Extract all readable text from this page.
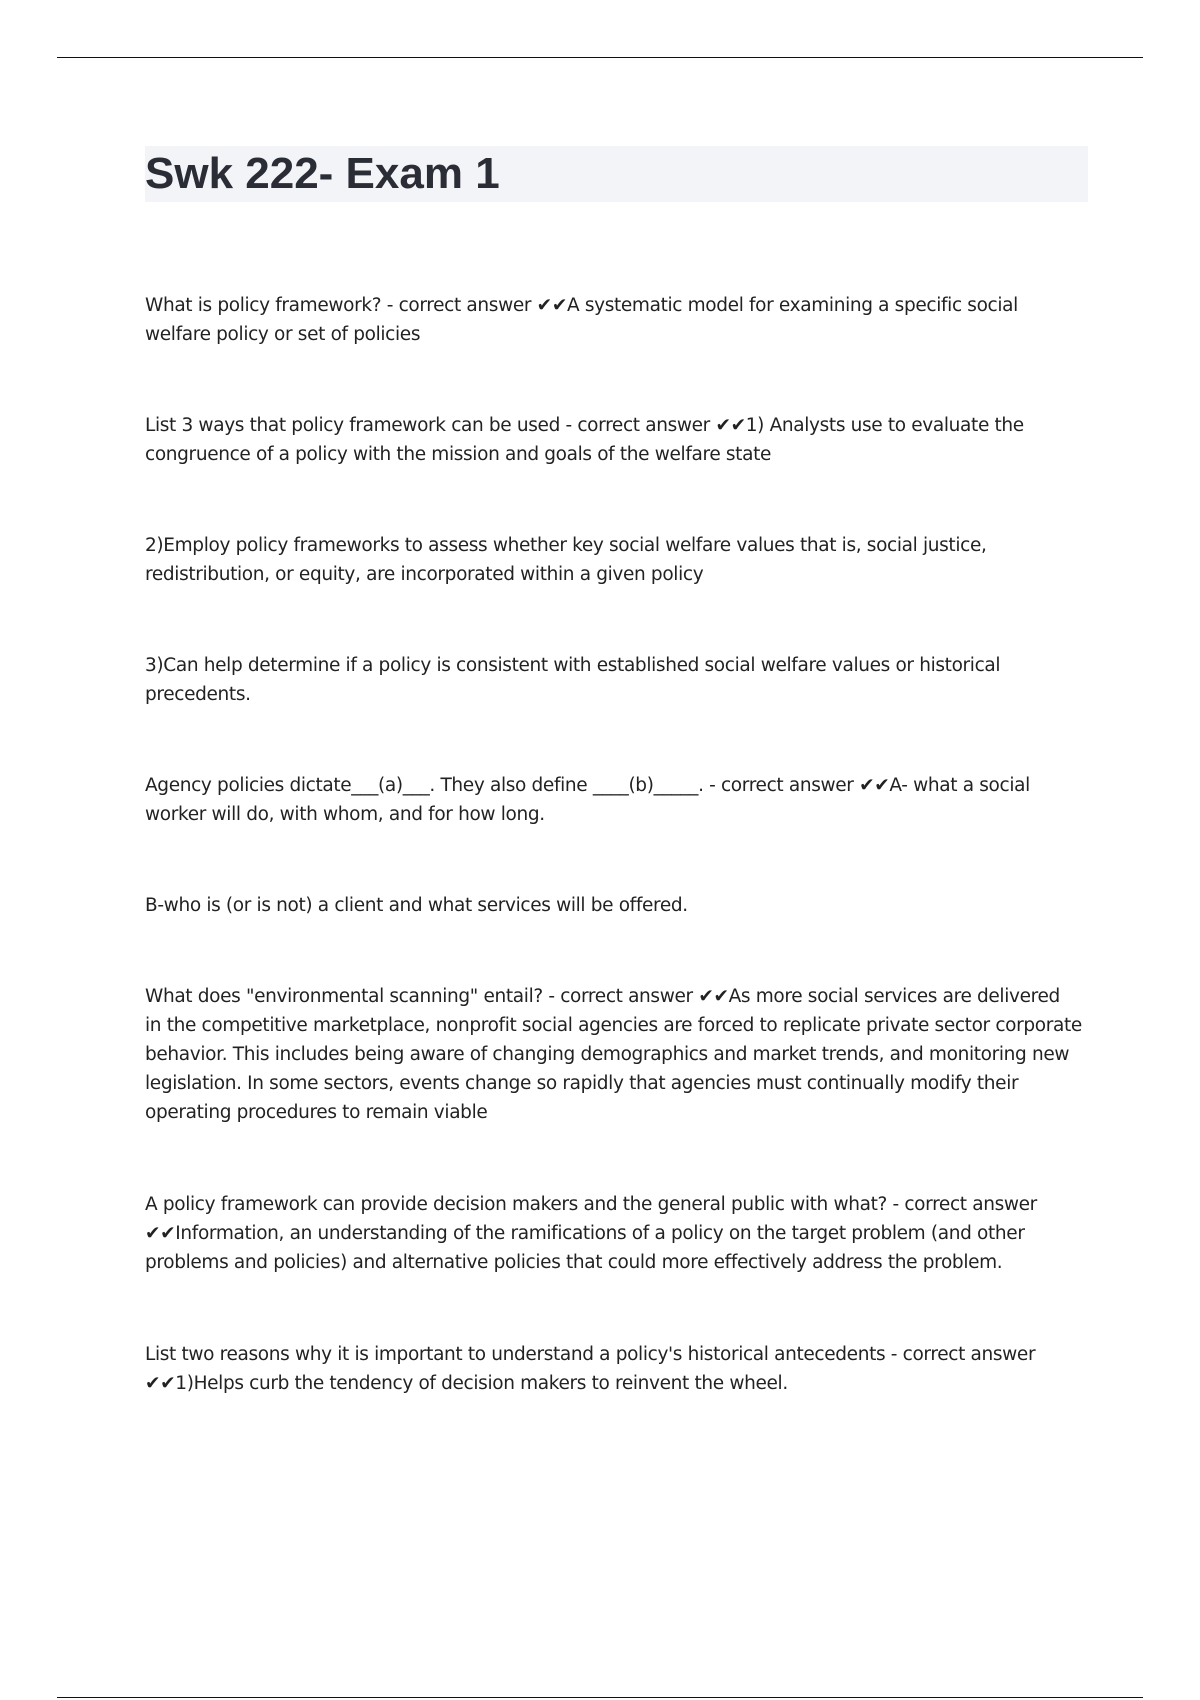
Swk 222- Exam 1

What is policy framework? - correct answer ✔✔A systematic model for examining a specific social
welfare policy or set of policies

List 3 ways that policy framework can be used - correct answer ✔✔1) Analysts use to evaluate the
congruence of a policy with the mission and goals of the welfare state

2)Employ policy frameworks to assess whether key social welfare values that is, social justice,
redistribution, or equity, are incorporated within a given policy

3)Can help determine if a policy is consistent with established social welfare values or historical
precedents.

Agency policies dictate___(a)___. They also define ____(b)_____. - correct answer ✔✔A- what a social
worker will do, with whom, and for how long.

B-who is (or is not) a client and what services will be offered.

What does "environmental scanning" entail? - correct answer ✔✔As more social services are delivered
in the competitive marketplace, nonprofit social agencies are forced to replicate private sector corporate
behavior. This includes being aware of changing demographics and market trends, and monitoring new
legislation. In some sectors, events change so rapidly that agencies must continually modify their
operating procedures to remain viable

A policy framework can provide decision makers and the general public with what? - correct answer
✔✔Information, an understanding of the ramifications of a policy on the target problem (and other
problems and policies) and alternative policies that could more effectively address the problem.

List two reasons why it is important to understand a policy's historical antecedents - correct answer
✔✔1)Helps curb the tendency of decision makers to reinvent the wheel.
